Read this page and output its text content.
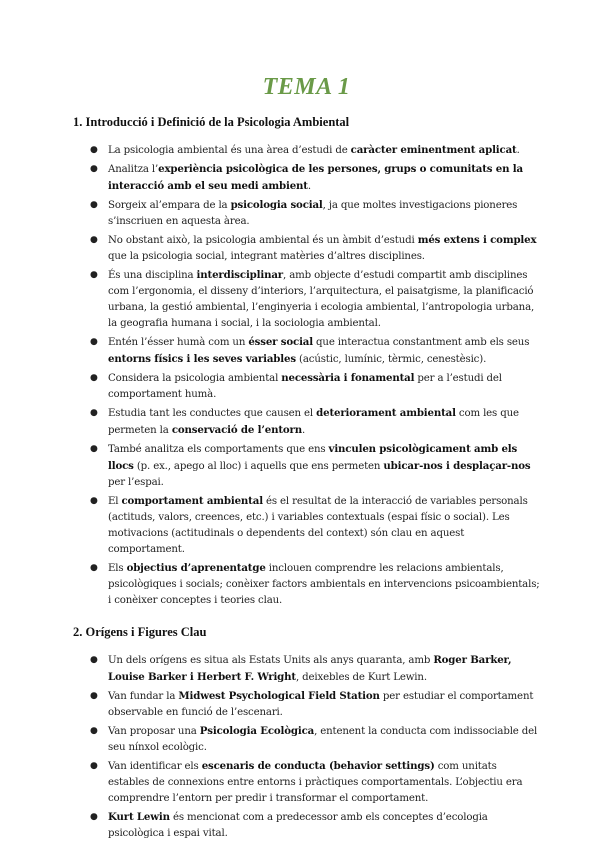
TEMA 1
1. Introducció i Definició de la Psicologia Ambiental
● La psicologia ambiental és una àrea d’estudi de caràcter eminentment aplicat.
● Analitza l’experiència psicològica de les persones, grups o comunitats en la interacció amb el seu medi ambient.
● Sorgeix al’empara de la psicologia social, ja que moltes investigacions pioneres s’inscriuen en aquesta àrea.
● No obstant això, la psicologia ambiental és un àmbit d’estudi més extens i complex que la psicologia social, integrant matèries d’altres disciplines.
● És una disciplina interdisciplinar, amb objecte d’estudi compartit amb disciplines com l’ergonomia, el disseny d’interiors, l’arquitectura, el paisatgisme, la planificació urbana, la gestió ambiental, l’enginyeria i ecologia ambiental, l’antropologia urbana, la geografia humana i social, i la sociologia ambiental.
● Entén l’ésser humà com un ésser social que interactua constantment amb els seus entorns físics i les seves variables (acústic, lumínic, tèrmic, cenestèsic).
● Considera la psicologia ambiental necessària i fonamental per a l’estudi del comportament humà.
● Estudia tant les conductes que causen el deteriorament ambiental com les que permeten la conservació de l’entorn.
● També analitza els comportaments que ens vinculen psicològicament amb els llocs (p. ex., apego al lloc) i aquells que ens permeten ubicar-nos i desplaçar-nos per l’espai.
● El comportament ambiental és el resultat de la interacció de variables personals (actituds, valors, creences, etc.) i variables contextuals (espai físic o social). Les motivacions (actitudinals o dependents del context) són clau en aquest comportament.
● Els objectius d’aprenentatge inclouen comprendre les relacions ambientals, psicològiques i socials; conèixer factors ambientals en intervencions psicoambientals; i conèixer conceptes i teories clau.
2. Orígens i Figures Clau
● Un dels orígens es situa als Estats Units als anys quaranta, amb Roger Barker, Louise Barker i Herbert F. Wright, deixebles de Kurt Lewin.
● Van fundar la Midwest Psychological Field Station per estudiar el comportament observable en funció de l’escenari.
● Van proposar una Psicologia Ecològica, entenent la conducta com indissociable del seu nínxol ecològic.
● Van identificar els escenaris de conducta (behavior settings) com unitats estables de connexions entre entorns i pràctiques comportamentals. L’objectiu era comprendre l’entorn per predir i transformar el comportament.
● Kurt Lewin és mencionat com a predecessor amb els conceptes d’ecologia psicològica i espai vital.
